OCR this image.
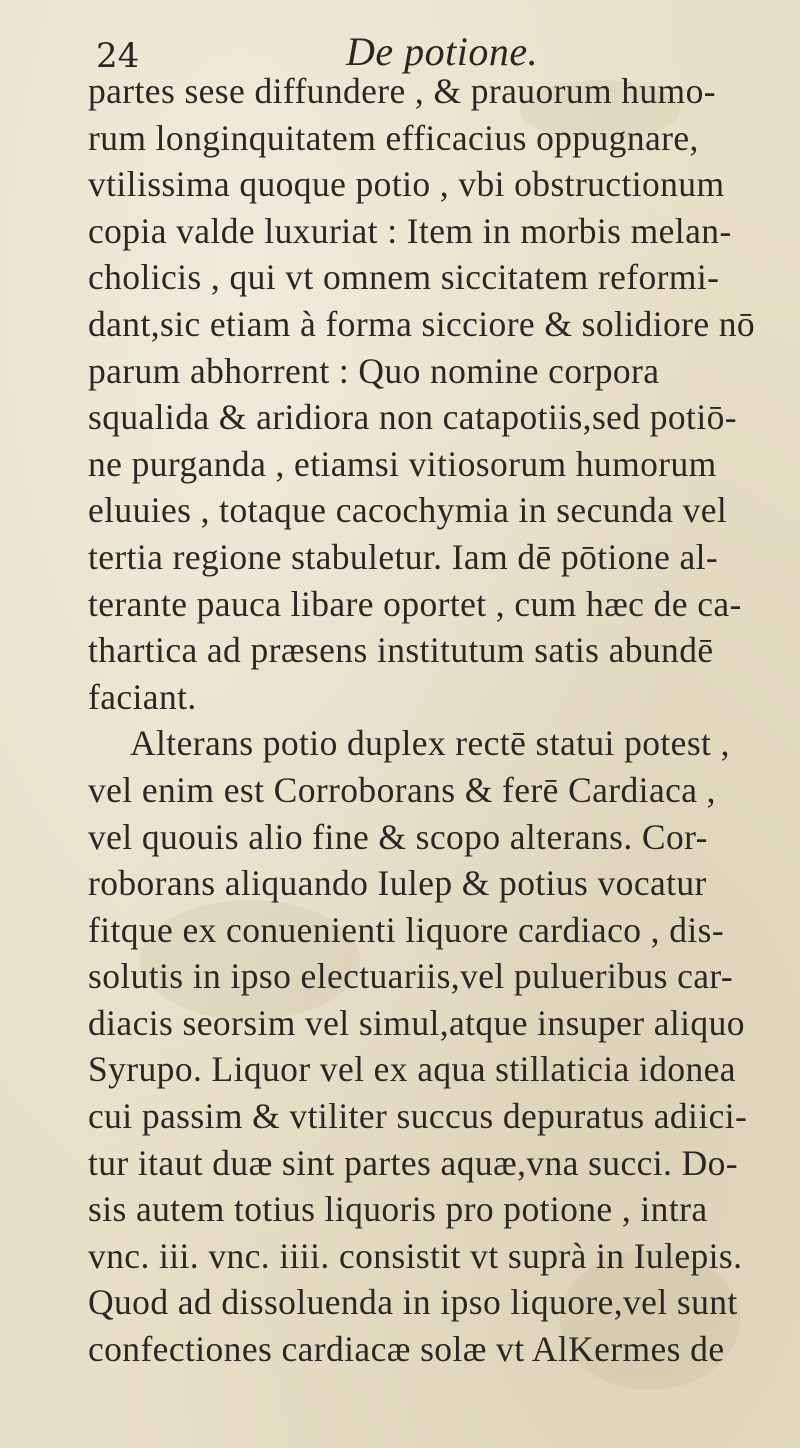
24	De potione.
partes sese diffundere , & prauorum humo-
rum longinquitatem efficacius oppugnare,
vtilissima quoque potio , vbi obstructionum
copia valde luxuriat : Item in morbis melan-
cholicis , qui vt omnem siccitatem reformi-
dant,sic etiam à forma sicciore & solidiore nō
parum abhorrent : Quo nomine corpora
squalida & aridiora non catapotiis,sed potiō-
ne purganda , etiamsi vitiosorum humorum
eluuies , totaque cacochymia in secunda vel
tertia regione stabuletur. Iam dē pōtione al-
terante pauca libare oportet , cum hæc de ca-
thartica ad præsens institutum satis abundē
faciant.
Alterans potio duplex rectē statui potest ,
vel enim est Corroborans & ferē Cardiaca ,
vel quouis alio fine & scopo alterans. Cor-
roborans aliquando Iulep & potius vocatur
fitque ex conuenienti liquore cardiaco , dis-
solutis in ipso electuariis,vel pulueribus car-
diacis seorsim vel simul,atque insuper aliquo
Syrupo. Liquor vel ex aqua stillaticia idonea
cui passim & vtiliter succus depuratus adiici-
tur itaut duæ sint partes aquæ,vna succi. Do-
sis autem totius liquoris pro potione , intra
vnc. iii. vnc. iiii. consistit vt suprà in Iulepis.
Quod ad dissoluenda in ipso liquore,vel sunt
confectiones cardiacæ solæ vt AlKermes de
